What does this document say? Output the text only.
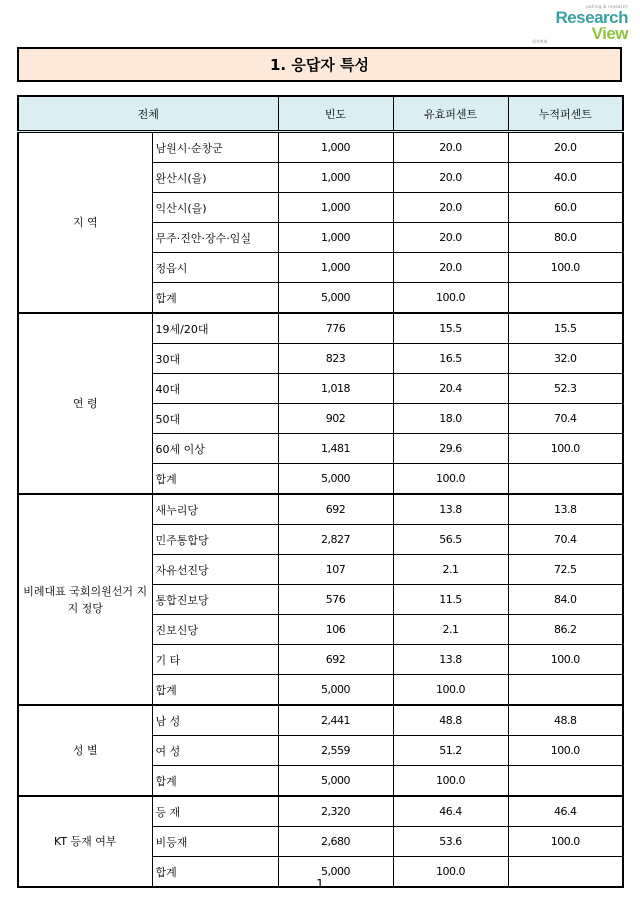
polling & research
Research
View
리서치뷰
1. 응답자 특성
전체		빈도	유효퍼센트	누적퍼센트
지 역	남원시·순창군	1,000	20.0	20.0
	완산시(을)	1,000	20.0	40.0
	익산시(을)	1,000	20.0	60.0
	무주·진안·장수·임실	1,000	20.0	80.0
	정읍시	1,000	20.0	100.0
	합계	5,000	100.0	
연 령	19세/20대	776	15.5	15.5
	30대	823	16.5	32.0
	40대	1,018	20.4	52.3
	50대	902	18.0	70.4
	60세 이상	1,481	29.6	100.0
	합계	5,000	100.0	
비례대표 국회의원선거 지지 정당	새누리당	692	13.8	13.8
	민주통합당	2,827	56.5	70.4
	자유선진당	107	2.1	72.5
	통합진보당	576	11.5	84.0
	진보신당	106	2.1	86.2
	기 타	692	13.8	100.0
	합계	5,000	100.0	
성 별	남 성	2,441	48.8	48.8
	여 성	2,559	51.2	100.0
	합계	5,000	100.0	
KT 등재 여부	등 재	2,320	46.4	46.4
	비등재	2,680	53.6	100.0
	합계	5,000	100.0	
1
